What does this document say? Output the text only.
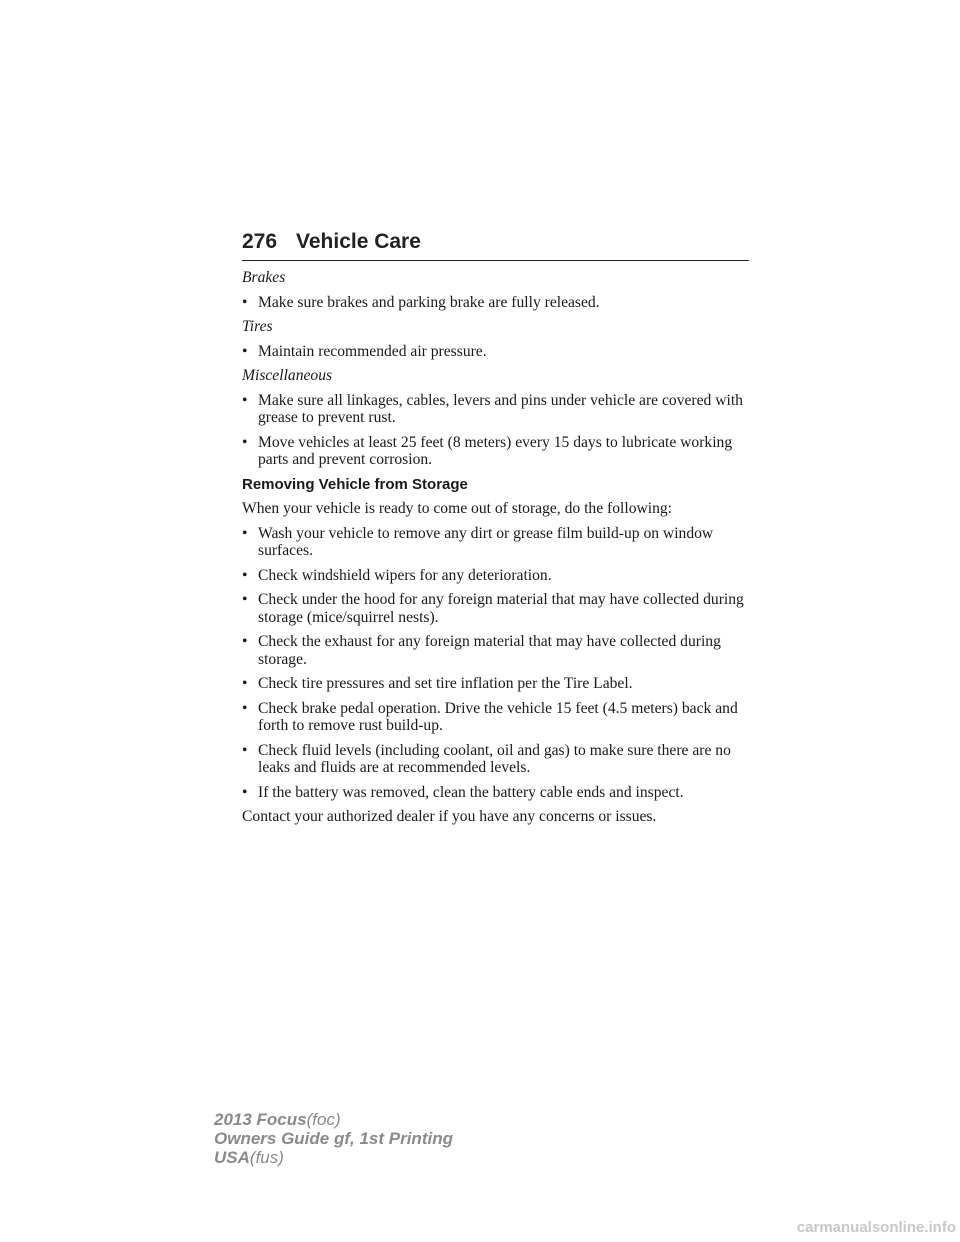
276 Vehicle Care

Brakes

• Make sure brakes and parking brake are fully released.

Tires

• Maintain recommended air pressure.

Miscellaneous

• Make sure all linkages, cables, levers and pins under vehicle are covered with grease to prevent rust.
• Move vehicles at least 25 feet (8 meters) every 15 days to lubricate working parts and prevent corrosion.

Removing Vehicle from Storage

When your vehicle is ready to come out of storage, do the following:

• Wash your vehicle to remove any dirt or grease film build-up on window surfaces.
• Check windshield wipers for any deterioration.
• Check under the hood for any foreign material that may have collected during storage (mice/squirrel nests).
• Check the exhaust for any foreign material that may have collected during storage.
• Check tire pressures and set tire inflation per the Tire Label.
• Check brake pedal operation. Drive the vehicle 15 feet (4.5 meters) back and forth to remove rust build-up.
• Check fluid levels (including coolant, oil and gas) to make sure there are no leaks and fluids are at recommended levels.
• If the battery was removed, clean the battery cable ends and inspect.

Contact your authorized dealer if you have any concerns or issues.

2013 Focus(foc)
Owners Guide gf, 1st Printing
USA(fus)
carmanualsonline.info
